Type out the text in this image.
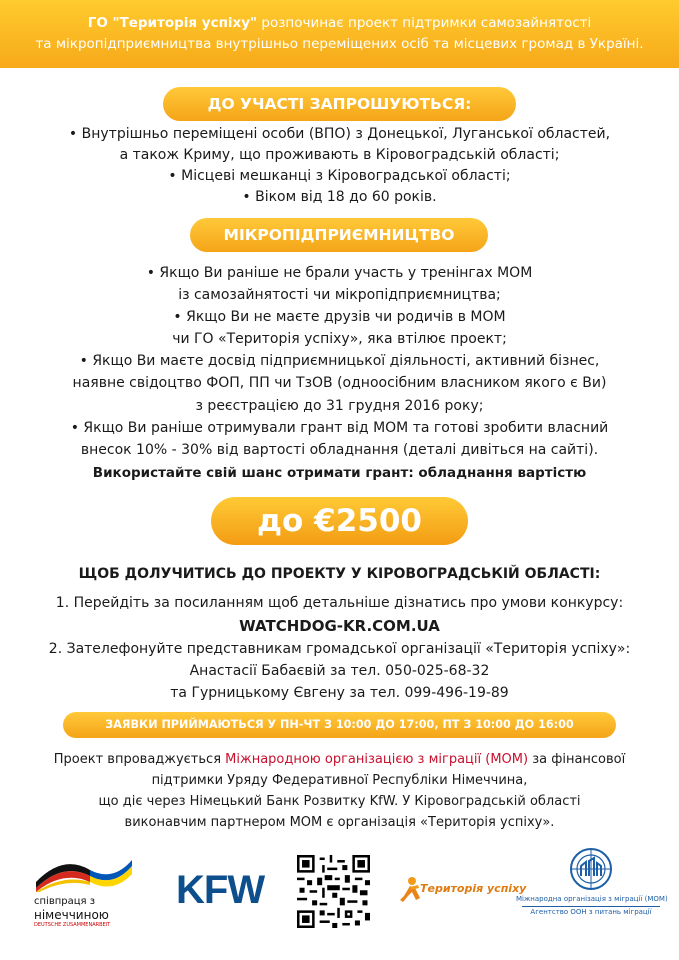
ГО "Територія успіху" розпочинає проект підтримки самозайнятості
та мікропідприємництва внутрішньо переміщених осіб та місцевих громад в Україні.
ДО УЧАСТІ ЗАПРОШУЮТЬСЯ:
• Внутрішньо переміщені особи (ВПО) з Донецької, Луганської областей,
а також Криму, що проживають в Кіровоградській області;
• Місцеві мешканці з Кіровоградської області;
• Віком від 18 до 60 років.
МІКРОПІДПРИЄМНИЦТВО
• Якщо Ви раніше не брали участь у тренінгах МОМ
із самозайнятості чи мікропідприємництва;
• Якщо Ви не маєте друзів чи родичів в МОМ
чи ГО «Територія успіху», яка втілює проект;
• Якщо Ви маєте досвід підприємницької діяльності, активний бізнес,
наявне свідоцтво ФОП, ПП чи ТзОВ (одноосібним власником якого є Ви)
з реєстрацією до 31 грудня 2016 року;
• Якщо Ви раніше отримували грант від МОМ та готові зробити власний
внесок 10% - 30% від вартості обладнання (деталі дивіться на сайті).
Використайте свій шанс отримати грант: обладнання вартістю
до €2500
ЩОБ ДОЛУЧИТИСЬ ДО ПРОЕКТУ У КІРОВОГРАДСЬКІЙ ОБЛАСТІ:
1. Перейдіть за посиланням щоб детальніше дізнатись про умови конкурсу:
WATCHDOG-KR.COM.UA
2. Зателефонуйте представникам громадської організації «Територія успіху»:
Анастасії Бабаєвій за тел. 050-025-68-32
та Гурницькому Євгену за тел. 099-496-19-89
ЗАЯВКИ ПРИЙМАЮТЬСЯ У ПН-ЧТ З 10:00 ДО 17:00, ПТ З 10:00 ДО 16:00
Проект впроваджується Міжнародною організацією з міграції (МОМ) за фінансової
підтримки Уряду Федеративної Республіки Німеччина,
що діє через Німецький Банк Розвитку KfW. У Кіровоградській області
виконавчим партнером МОМ є організація «Територія успіху».
співпраця з
німеччиною
DEUTSCHE ZUSAMMENARBEIT
KFW	Територія успіху
Міжнародна організація з міграції (МОМ)
Агентство ООН з питань міграції
